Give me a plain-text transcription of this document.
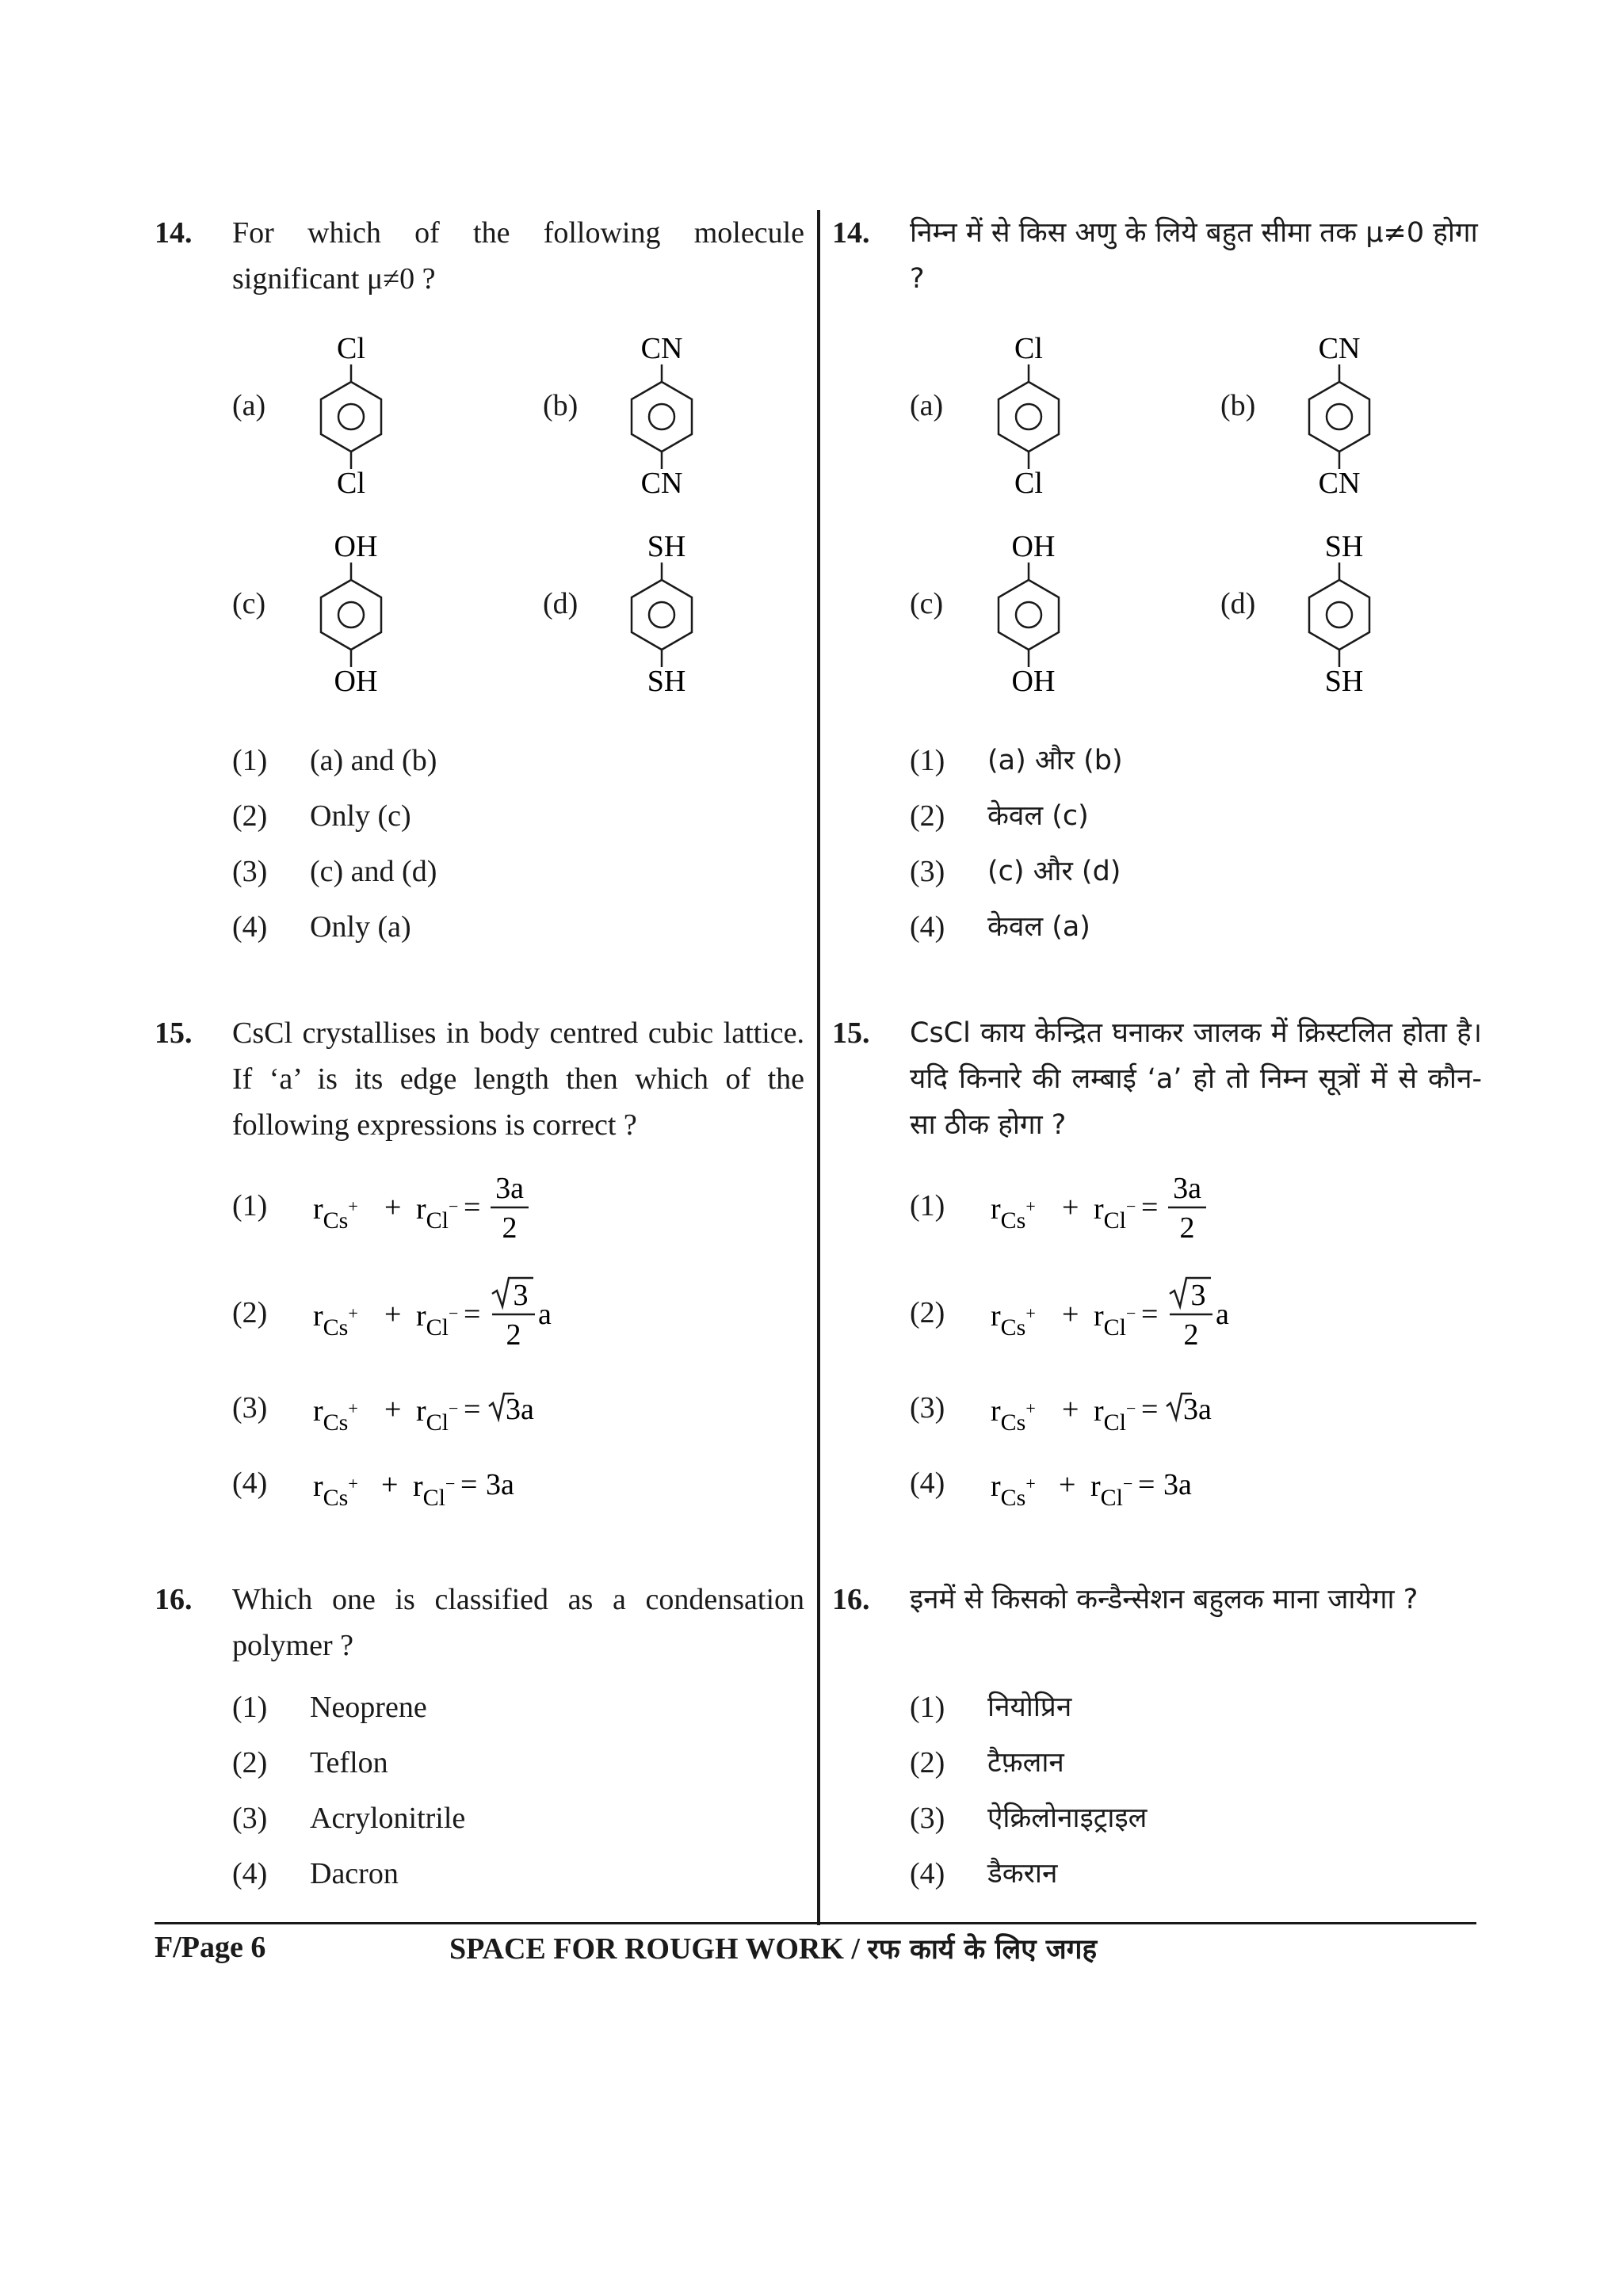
14.	For which of the following molecule significant μ≠0 ?
(a)
Cl
Cl
(b)
CN
CN
(c)
OH
OH
(d)
SH
SH
(1) (a) and (b)
(2) Only (c)
(3) (c) and (d)
(4) Only (a)
15.	CsCl crystallises in body centred cubic lattice. If ‘a’ is its edge length then which of the following expressions is correct ?
(1) $r_{Cs}^+ + r_{Cl}^-$ =
3a
2
(2) $r_{Cs}^+ + r_{Cl}^-$ =
3
2
a
(3) $r_{Cs}^+ + r_{Cl}^- = 3a$
(4) $r_{Cs}^+ + r_{Cl}^- = 3a$
16.	Which one is classified as a condensation polymer ?
(1) Neoprene
(2) Teflon
(3) Acrylonitrile
(4) Dacron
14.	निम्न में से किस अणु के लिये बहुत सीमा तक μ≠0 होगा ?
(a)
Cl
Cl
(b)
CN
CN
(c)
OH
OH
(d)
SH
SH
(1) (a) और (b)
(2) केवल (c)
(3) (c) और (d)
(4) केवल (a)
15.	CsCl काय केन्द्रित घनाकर जालक में क्रिस्टलित होता है। यदि किनारे की लम्बाई ‘a’ हो तो निम्न सूत्रों में से कौन-सा ठीक होगा ?
(1) $r_{Cs}^+ + r_{Cl}^-$ =
3a
2
(2) $r_{Cs}^+ + r_{Cl}^-$ =
3
2
a
(3) $r_{Cs}^+ + r_{Cl}^- = 3a$
(4) $r_{Cs}^+ + r_{Cl}^- = 3a$
16.	इनमें से किसको कन्डैन्सेशन बहुलक माना जायेगा ?
(1) नियोप्रिन
(2) टैफ़लान
(3) ऐक्रिलोनाइट्राइल
(4) डैकरान
F/Page 6	SPACE FOR ROUGH WORK / रफ कार्य के लिए जगह
